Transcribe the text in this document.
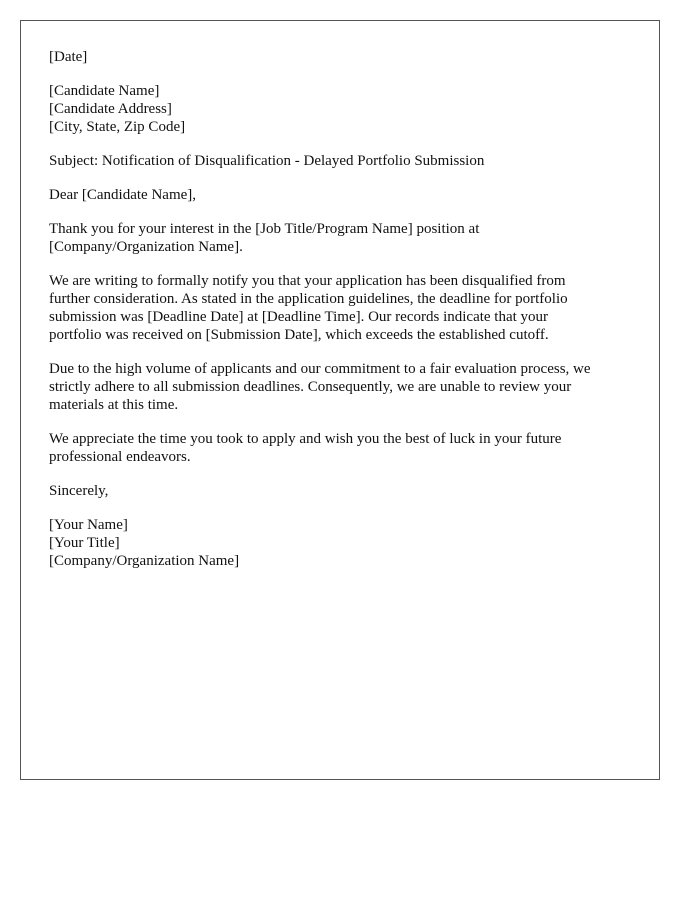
[Date]
[Candidate Name]
[Candidate Address]
[City, State, Zip Code]
Subject: Notification of Disqualification - Delayed Portfolio Submission
Dear [Candidate Name],
Thank you for your interest in the [Job Title/Program Name] position at
[Company/Organization Name].
We are writing to formally notify you that your application has been disqualified from
further consideration. As stated in the application guidelines, the deadline for portfolio
submission was [Deadline Date] at [Deadline Time]. Our records indicate that your
portfolio was received on [Submission Date], which exceeds the established cutoff.
Due to the high volume of applicants and our commitment to a fair evaluation process, we
strictly adhere to all submission deadlines. Consequently, we are unable to review your
materials at this time.
We appreciate the time you took to apply and wish you the best of luck in your future
professional endeavors.
Sincerely,
[Your Name]
[Your Title]
[Company/Organization Name]
